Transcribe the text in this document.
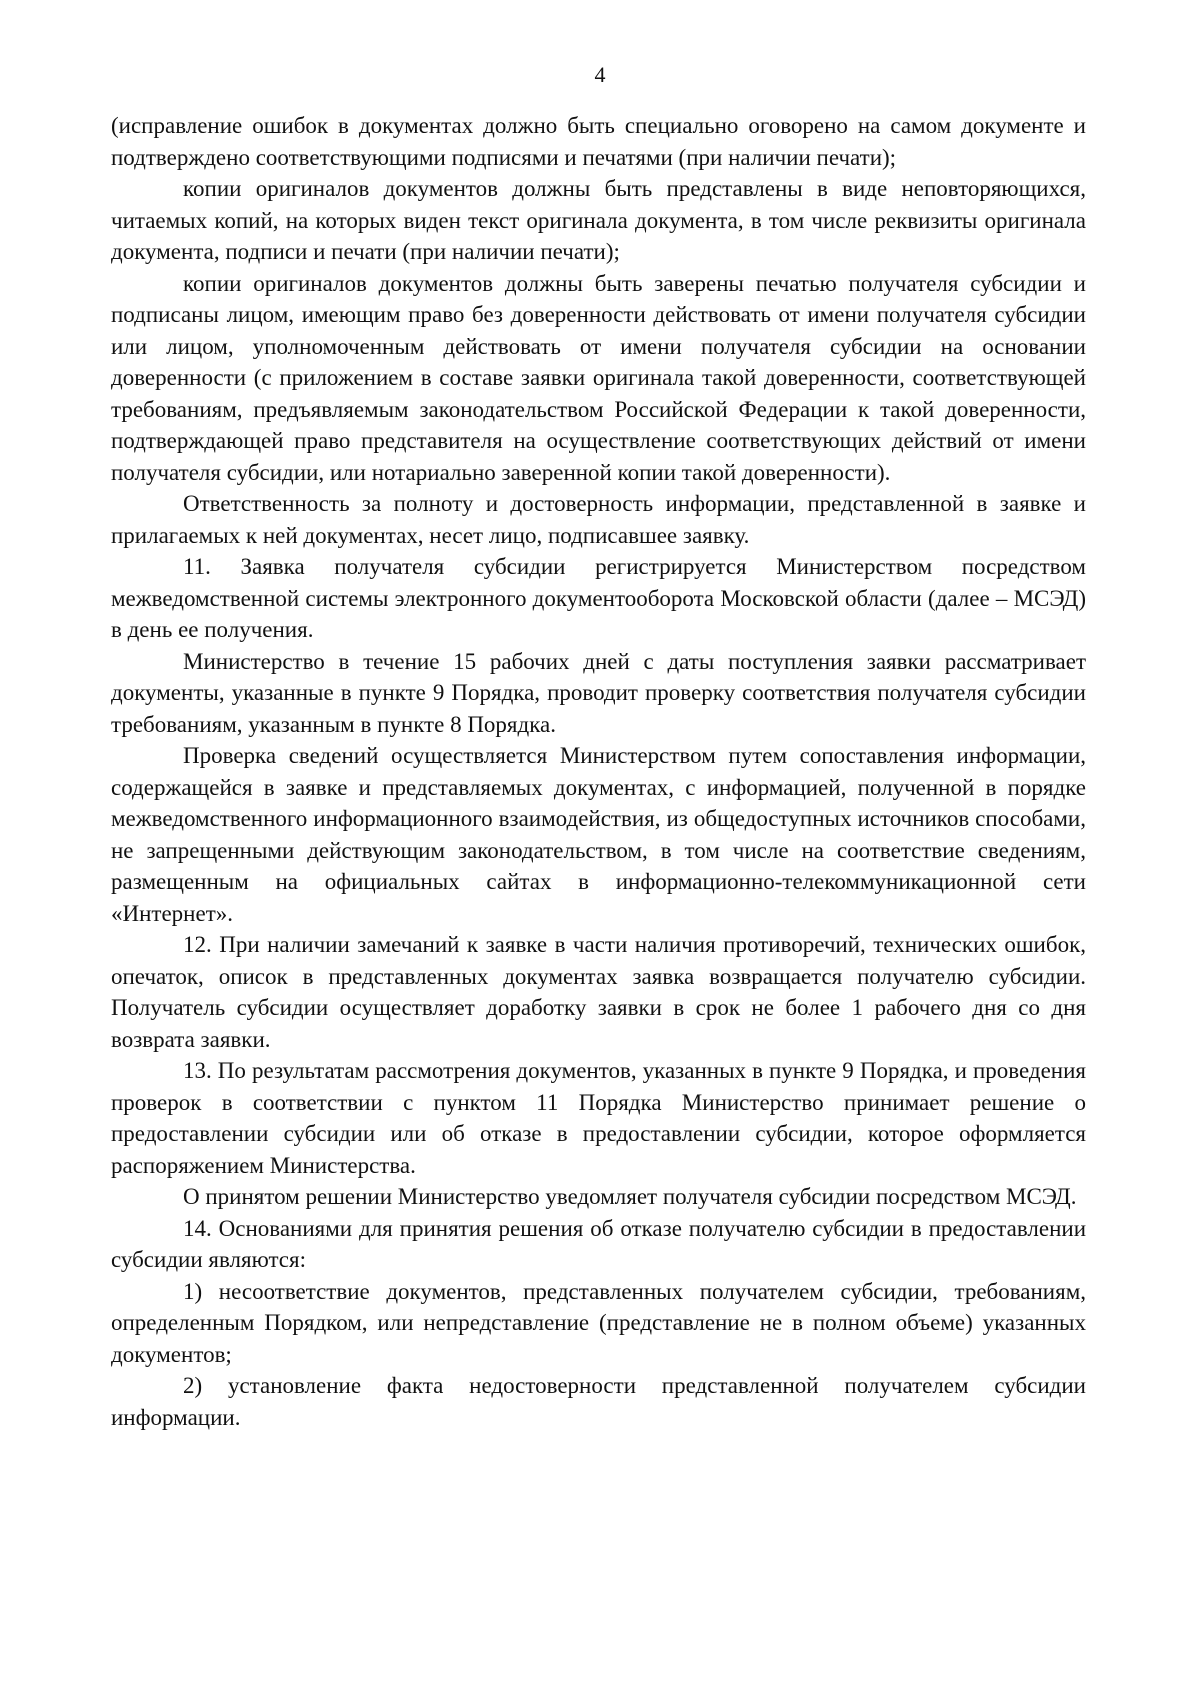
4

(исправление ошибок в документах должно быть специально оговорено на самом документе и подтверждено соответствующими подписями и печатями (при наличии печати);

копии оригиналов документов должны быть представлены в виде неповторяющихся, читаемых копий, на которых виден текст оригинала документа, в том числе реквизиты оригинала документа, подписи и печати (при наличии печати);

копии оригиналов документов должны быть заверены печатью получателя субсидии и подписаны лицом, имеющим право без доверенности действовать от имени получателя субсидии или лицом, уполномоченным действовать от имени получателя субсидии на основании доверенности (с приложением в составе заявки оригинала такой доверенности, соответствующей требованиям, предъявляемым законодательством Российской Федерации к такой доверенности, подтверждающей право представителя на осуществление соответствующих действий от имени получателя субсидии, или нотариально заверенной копии такой доверенности).

Ответственность за полноту и достоверность информации, представленной в заявке и прилагаемых к ней документах, несет лицо, подписавшее заявку.

11. Заявка получателя субсидии регистрируется Министерством посредством межведомственной системы электронного документооборота Московской области (далее – МСЭД) в день ее получения.

Министерство в течение 15 рабочих дней с даты поступления заявки рассматривает документы, указанные в пункте 9 Порядка, проводит проверку соответствия получателя субсидии требованиям, указанным в пункте 8 Порядка.

Проверка сведений осуществляется Министерством путем сопоставления информации, содержащейся в заявке и представляемых документах, с информацией, полученной в порядке межведомственного информационного взаимодействия, из общедоступных источников способами, не запрещенными действующим законодательством, в том числе на соответствие сведениям, размещенным на официальных сайтах в информационно-телекоммуникационной сети «Интернет».

12. При наличии замечаний к заявке в части наличия противоречий, технических ошибок, опечаток, описок в представленных документах заявка возвращается получателю субсидии. Получатель субсидии осуществляет доработку заявки в срок не более 1 рабочего дня со дня возврата заявки.

13. По результатам рассмотрения документов, указанных в пункте 9 Порядка, и проведения проверок в соответствии с пунктом 11 Порядка Министерство принимает решение о предоставлении субсидии или об отказе в предоставлении субсидии, которое оформляется распоряжением Министерства.

О принятом решении Министерство уведомляет получателя субсидии посредством МСЭД.

14. Основаниями для принятия решения об отказе получателю субсидии в предоставлении субсидии являются:

1) несоответствие документов, представленных получателем субсидии, требованиям, определенным Порядком, или непредставление (представление не в полном объеме) указанных документов;

2) установление факта недостоверности представленной получателем субсидии информации.
